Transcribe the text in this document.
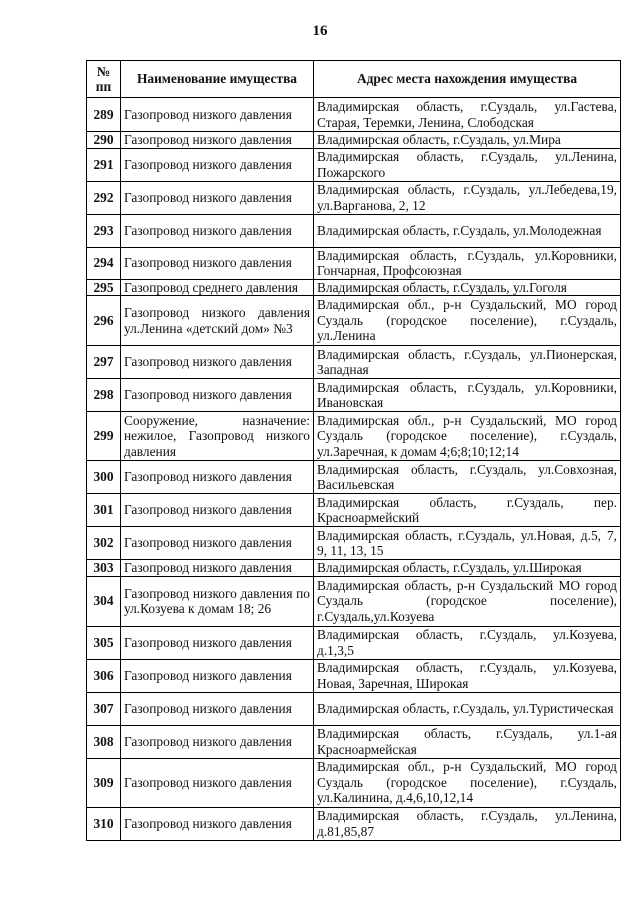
16
№ пп	Наименование имущества	Адрес места нахождения имущества
289	Газопровод низкого давления	Владимирская область, г.Суздаль, ул.Гастева, Старая, Теремки, Ленина, Слободская
290	Газопровод низкого давления	Владимирская область, г.Суздаль, ул.Мира
291	Газопровод низкого давления	Владимирская область, г.Суздаль, ул.Ленина, Пожарского
292	Газопровод низкого давления	Владимирская область, г.Суздаль, ул.Лебедева,19, ул.Варганова, 2, 12
293	Газопровод низкого давления	Владимирская область, г.Суздаль, ул.Молодежная
294	Газопровод низкого давления	Владимирская область, г.Суздаль, ул.Коровники, Гончарная, Профсоюзная
295	Газопровод среднего давления	Владимирская область, г.Суздаль, ул.Гоголя
296	Газопровод низкого давления ул.Ленина «детский дом» №3	Владимирская обл., р-н Суздальский, МО город Суздаль (городское поселение), г.Суздаль, ул.Ленина
297	Газопровод низкого давления	Владимирская область, г.Суздаль, ул.Пионерская, Западная
298	Газопровод низкого давления	Владимирская область, г.Суздаль, ул.Коровники, Ивановская
299	Сооружение, назначение: нежилое, Газопровод низкого давления	Владимирская обл., р-н Суздальский, МО город Суздаль (городское поселение), г.Суздаль, ул.Заречная, к домам 4;6;8;10;12;14
300	Газопровод низкого давления	Владимирская область, г.Суздаль, ул.Совхозная, Васильевская
301	Газопровод низкого давления	Владимирская область, г.Суздаль, пер. Красноармейский
302	Газопровод низкого давления	Владимирская область, г.Суздаль, ул.Новая, д.5, 7, 9, 11, 13, 15
303	Газопровод низкого давления	Владимирская область, г.Суздаль, ул.Широкая
304	Газопровод низкого давления по ул.Козуева к домам 18; 26	Владимирская область, р-н Суздальский МО город Суздаль (городское поселение), г.Суздаль,ул.Козуева
305	Газопровод низкого давления	Владимирская область, г.Суздаль, ул.Козуева, д.1,3,5
306	Газопровод низкого давления	Владимирская область, г.Суздаль, ул.Козуева, Новая, Заречная, Широкая
307	Газопровод низкого давления	Владимирская область, г.Суздаль, ул.Туристическая
308	Газопровод низкого давления	Владимирская область, г.Суздаль, ул.1-ая Красноармейская
309	Газопровод низкого давления	Владимирская обл., р-н Суздальский, МО город Суздаль (городское поселение), г.Суздаль, ул.Калинина, д.4,6,10,12,14
310	Газопровод низкого давления	Владимирская область, г.Суздаль, ул.Ленина, д.81,85,87
